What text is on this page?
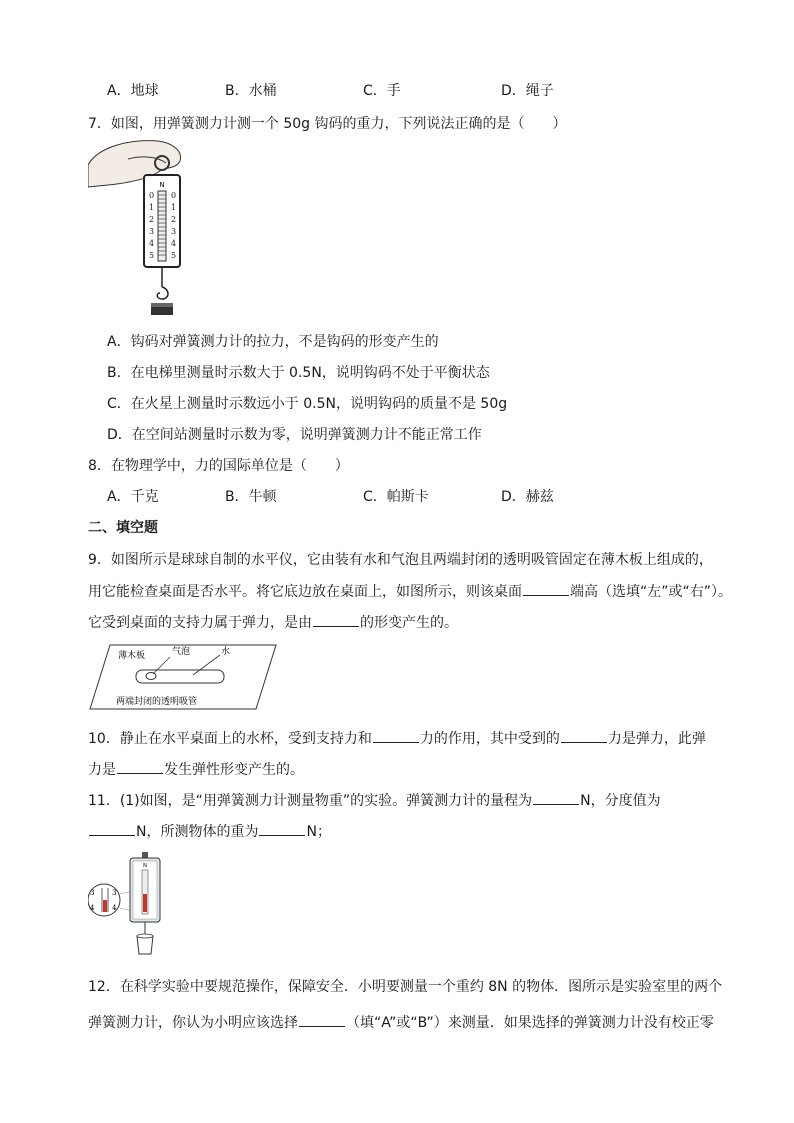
A．地球	B．水桶	C．手	D．绳子
7．如图，用弹簧测力计测一个 50g 钩码的重力，下列说法正确的是（　　）
N
0
1
2
3
4
5
0
1
2
3
4
5
A．钩码对弹簧测力计的拉力，不是钩码的形变产生的
B．在电梯里测量时示数大于 0.5N，说明钩码不处于平衡状态
C．在火星上测量时示数远小于 0.5N，说明钩码的质量不是 50g
D．在空间站测量时示数为零，说明弹簧测力计不能正常工作
8．在物理学中，力的国际单位是（　　）
A．千克	B．牛顿	C．帕斯卡	D．赫兹
二、填空题
9．如图所示是球球自制的水平仪，它由装有水和气泡且两端封闭的透明吸管固定在薄木板上组成的，
用它能检查桌面是否水平。将它底边放在桌面上，如图所示，则该桌面	端高（选填“左”或“右”）。
它受到桌面的支持力属于弹力，是由	的形变产生的。
薄木板	气泡	水
两端封闭的透明吸管
10．静止在水平桌面上的水杯，受到支持力和	力的作用，其中受到的	力是弹力，此弹
力是	发生弹性形变产生的。
11．(1)如图，是“用弹簧测力计测量物重”的实验。弹簧测力计的量程为	N，分度值为
N，所测物体的重为	N；
3
4
3
4
N
12．在科学实验中要规范操作，保障安全．小明要测量一个重约 8N 的物体．图所示是实验室里的两个
弹簧测力计，你认为小明应该选择	（填“A”或“B”）来测量．如果选择的弹簧测力计没有校正零
